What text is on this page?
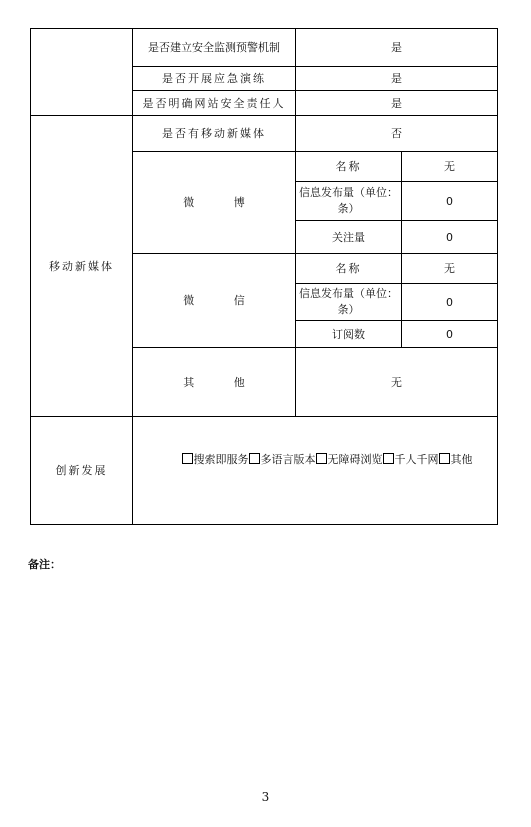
	是否建立安全监测预警机制	是	
	是否开展应急演练	是	
	是否明确网站安全责任人	是	
移动新媒体	是否有移动新媒体	否	
	微 博	名称	无
		信息发布量（单位：条）	0
		关注量	0
	微 信	名称	无
		信息发布量（单位：条）	0
		订阅数	0
	其 他	无	
创新发展	搜索即服务 多语言版本 无障碍浏览 千人千网 其他		
备注：
3
